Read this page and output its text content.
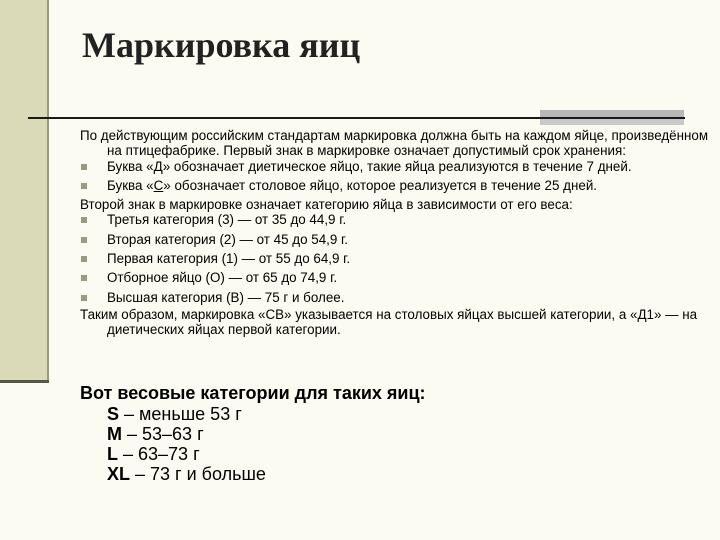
Маркировка яиц

По действующим российским стандартам маркировка должна быть на каждом яйце, произведённом на птицефабрике. Первый знак в маркировке означает допустимый срок хранения:

Буква «Д» обозначает диетическое яйцо, такие яйца реализуются в течение 7 дней.
Буква «С» обозначает столовое яйцо, которое реализуется в течение 25 дней.

Второй знак в маркировке означает категорию яйца в зависимости от его веса:

Третья категория (3) — от 35 до 44,9 г.
Вторая категория (2) — от 45 до 54,9 г.
Первая категория (1) — от 55 до 64,9 г.
Отборное яйцо (О) — от 65 до 74,9 г.
Высшая категория (В) — 75 г и более.

Таким образом, маркировка «СВ» указывается на столовых яйцах высшей категории, а «Д1» — на диетических яйцах первой категории.

Вот весовые категории для таких яиц:

S – меньше 53 г

M – 53–63 г

L – 63–73 г

XL – 73 г и больше
